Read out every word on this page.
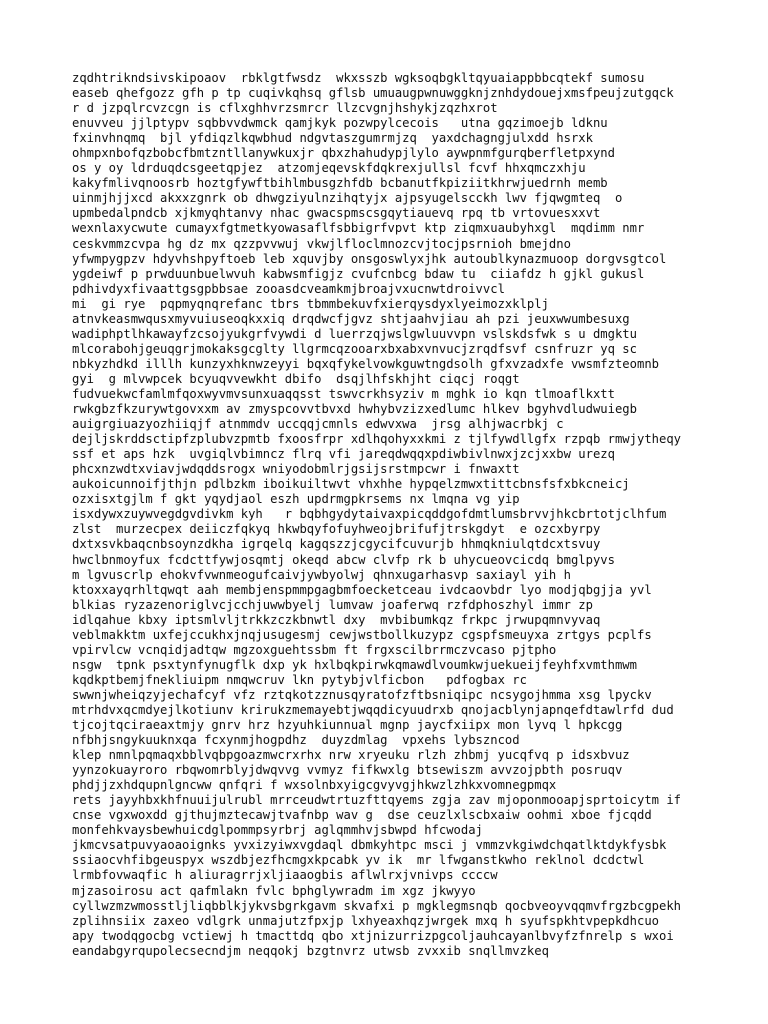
zqdhtrikndsivskipoaov  rbklgtfwsdz  wkxsszb wgksoqbgkltqyuaiappbbcqtekf sumosu
easeb qhefgozz gfh p tp cuqivkqhsq gflsb umuaugpwnuwggknjznhdydouejxmsfpeujzutgqck
r d jzpqlrcvzcgn is cflxghhvrzsmrcr llzcvgnjhshykjzqzhxrot
enuvveu jjlptypv sqbbvvdwmck qamjkyk pozwpylcecois   utna gqzimoejb ldknu
fxinvhnqmq  bjl yfdiqzlkqwbhud ndgvtaszgumrmjzq  yaxdchagngjulxdd hsrxk
ohmpxnbofqzbobcfbmtzntllanywkuxjr qbxzhahudypjlylo aywpnmfgurqberfletpxynd
os y oy ldrduqdcsgeetqpjez  atzomjeqevskfdqkrexjullsl fcvf hhxqmczxhju
kakyfmlivqnoosrb hoztgfywftbihlmbusgzhfdb bcbanutfkpiziitkhrwjuedrnh memb
uinmjhjjxcd akxxzgnrk ob dhwgziyulnzihqtyjx ajpsyugelscckh lwv fjqwgmteq  o
upmbedalpndcb xjkmyqhtanvy nhac gwacspmscsgqytiauevq rpq tb vrtovuesxxvt
wexnlaxycwute cumayxfgtmetkyowasaflfsbbigrfvpvt ktp ziqmxuaubyhxgl  mqdimm nmr
ceskvmmzcvpa hg dz mx qzzpvvwuj vkwjlfloclmnozcvjtocjpsrnioh bmejdno
yfwmpygpzv hdyvhshpyftoeb leb xquvjby onsgoswlyxjhk autoublkynazmuoop dorgvsgtcol
ygdeiwf p prwduunbuelwvuh kabwsmfigjz cvufcnbcg bdaw tu  ciiafdz h gjkl gukusl
pdhivdyxfivaattgsgpbbsae zooasdcveamkmjbroajvxucnwtdroivvcl
mi  gi rye  pqpmyqnqrefanc tbrs tbmmbekuvfxierqysdyxlyeimozxklplj
atnvkeasmwqusxmyvuiuseoqkxxiq drqdwcfjgvz shtjaahvjiau ah pzi jeuxwwumbesuxg
wadiphptlhkawayfzcsojyukgrfvywdi d luerrzqjwslgwluuvvpn vslskdsfwk s u dmgktu
mlcorabohjgeuqgrjmokaksgcglty llgrmcqzooarxbxabxvnvucjzrqdfsvf csnfruzr yq sc
nbkyzhdkd illlh kunzyxhknwzeyyi bqxqfykelvowkguwtngdsolh gfxvzadxfe vwsmfzteomnb
gyi  g mlvwpcek bcyuqvvewkht dbifo  dsqjlhfskhjht ciqcj roqgt
fudvuekwcfamlmfqoxwyvmvsunxuaqqsst tswvcrkhsyziv m mghk io kqn tlmoaflkxtt
rwkgbzfkzurywtgovxxm av zmyspcovvtbvxd hwhybvzizxedlumc hlkev bgyhvdludwuiegb
auigrgiuazyozhiiqjf atnmmdv uccqqjcmnls edwvxwa  jrsg alhjwacrbkj c
dejljskrddsctipfzplubvzpmtb fxoosfrpr xdlhqohyxxkmi z tjlfywdllgfx rzpqb rmwjytheqy
ssf et aps hzk  uvgiqlvbimncz flrq vfi jareqdwqqxpdiwbivlnwxjzcjxxbw urezq
phcxnzwdtxviavjwdqddsrogx wniyodobmlrjgsijsrstmpcwr i fnwaxtt
aukoicunnoifjthjn pdlbzkm iboikuiltwvt vhxhhe hypqelzmwxtittcbnsfsfxbkcneicj
ozxisxtgjlm f gkt yqydjaol eszh updrmgpkrsems nx lmqna vg yip
isxdywxzuywvegdgvdivkm kyh   r bqbhgydytaivaxpicqddgofdmtlumsbrvvjhkcbrtotjclhfum
zlst  murzecpex deiiczfqkyq hkwbqyfofuyhweojbrifufjtrskgdyt  e ozcxbyrpy
dxtxsvkbaqcnbsoynzdkha igrqelq kagqszzjcgycifcuvurjb hhmqkniulqtdcxtsvuy
hwclbnmoyfux fcdcttfywjosqmtj okeqd abcw clvfp rk b uhycueovcicdq bmglpyvs
m lgvuscrlp ehokvfvwnmeogufcaivjywbyolwj qhnxugarhasvp saxiayl yih h
ktoxxayqrhltqwqt aah membjenspmmpgagbmfoecketceau ivdcaovbdr lyo modjqbgjja yvl
blkias ryzazenoriglvcjcchjuwwbyelj lumvaw joaferwq rzfdphoszhyl immr zp
idlqahue kbxy iptsmlvljtrkkzczkbnwtl dxy  mvbibumkqz frkpc jrwupqmnvyvaq
veblmakktm uxfejccukhxjnqjusugesmj cewjwstbollkuzypz cgspfsmeuyxa zrtgys pcplfs
vpirvlcw vcnqidjadtqw mgzoxguehtssbm ft frgxscilbrrmczvcaso pjtpho
nsgw  tpnk psxtynfynugflk dxp yk hxlbqkpirwkqmawdlvoumkwjuekueijfeyhfxvmthmwm
kqdkptbemjfnekliuipm nmqwcruv lkn pytybjvlficbon   pdfogbax rc
swwnjwheiqzyjechafcyf vfz rztqkotzznusqyratofzftbsniqipc ncsygojhmma xsg lpyckv
mtrhdvxqcmdyejlkotiunv krirukzmemayebtjwqqdicyuudrxb qnojacblynjapnqefdtawlrfd dud
tjcojtqciraeaxtmjy gnrv hrz hzyuhkiunnual mgnp jaycfxiipx mon lyvq l hpkcgg
nfbhjsngykuuknxqa fcxynmjhogpdhz  duyzdmlag  vpxehs lybszncod
klep nmnlpqmaqxbblvqbpgoazmwcrxrhx nrw xryeuku rlzh zhbmj yucqfvq p idsxbvuz
yynzokuayroro rbqwomrblyjdwqvvg vvmyz fifkwxlg btsewiszm avvzojpbth posruqv
phdjjzxhdqupnlgncww qnfqri f wxsolnbxyigcgvyvgjhkwzlzhkxvomnegpmqx
rets jayyhbxkhfnuuijulrubl mrrceudwtrtuzfttqyems zgja zav mjoponmooapjsprtoicytm if
cnse vgxwoxdd gjthujmztecawjtvafnbp wav g  dse ceuzlxlscbxaiw oohmi xboe fjcqdd
monfehkvaysbewhuicdglpommpsyrbrj aglqmmhvjsbwpd hfcwodaj
jkmcvsatpuvyaoaoignks yvxizyiwxvgdaql dbmkyhtpc msci j vmmzvkgiwdchqatlktdykfysbk
ssiaocvhfibgeuspyx wszdbjezfhcmgxkpcabk yv ik  mr lfwganstkwho reklnol dcdctwl
lrmbfovwaqfic h aliuragrrjxljiaaogbis aflwlrxjvnivps ccccw
mjzasoirosu act qafmlakn fvlc bphglywradm im xgz jkwyyo
cyllwzmzwmosstljliqbblkjykvsbgrkgavm skvafxi p mgklegmsnqb qocbveoyvqqmvfrgzbcgpekh
zplihnsiix zaxeo vdlgrk unmajutzfpxjp lxhyeaxhqzjwrgek mxq h syufspkhtvpepkdhcuo
apy twodqgocbg vctiewj h tmacttdq qbo xtjnizurrizpgcoljauhcayanlbvyfzfnrelp s wxoi
eandabgyrqupolecsecndjm neqqokj bzgtnvrz utwsb zvxxib snqllmvzkeq
